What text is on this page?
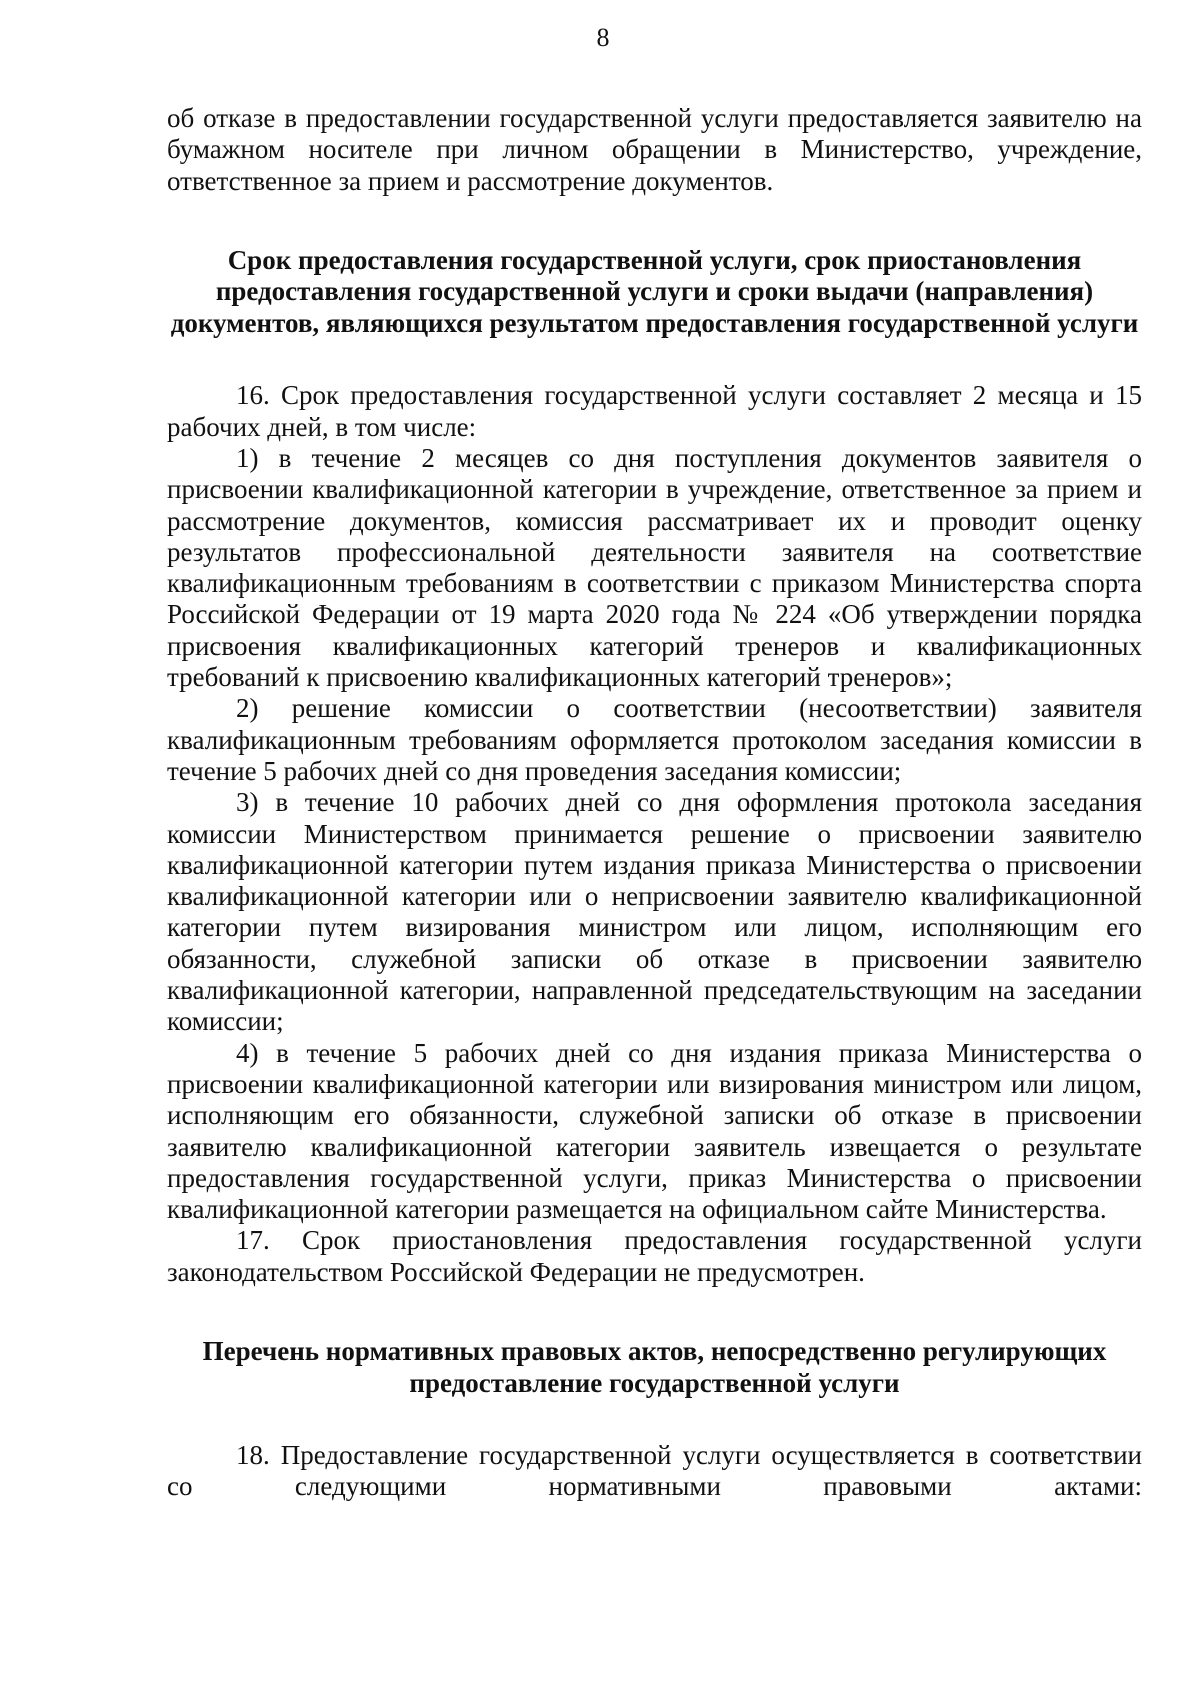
8

об отказе в предоставлении государственной услуги предоставляется заявителю на бумажном носителе при личном обращении в Министерство, учреждение, ответственное за прием и рассмотрение документов.

Срок предоставления государственной услуги, срок приостановления предоставления государственной услуги и сроки выдачи (направления) документов, являющихся результатом предоставления государственной услуги

16. Срок предоставления государственной услуги составляет 2 месяца и 15 рабочих дней, в том числе:

1) в течение 2 месяцев со дня поступления документов заявителя о присвоении квалификационной категории в учреждение, ответственное за прием и рассмотрение документов, комиссия рассматривает их и проводит оценку результатов профессиональной деятельности заявителя на соответствие квалификационным требованиям в соответствии с приказом Министерства спорта Российской Федерации от 19 марта 2020 года № 224 «Об утверждении порядка присвоения квалификационных категорий тренеров и квалификационных требований к присвоению квалификационных категорий тренеров»;

2) решение комиссии о соответствии (несоответствии) заявителя квалификационным требованиям оформляется протоколом заседания комиссии в течение 5 рабочих дней со дня проведения заседания комиссии;

3) в течение 10 рабочих дней со дня оформления протокола заседания комиссии Министерством принимается решение о присвоении заявителю квалификационной категории путем издания приказа Министерства о присвоении квалификационной категории или о неприсвоении заявителю квалификационной категории путем визирования министром или лицом, исполняющим его обязанности, служебной записки об отказе в присвоении заявителю квалификационной категории, направленной председательствующим на заседании комиссии;

4) в течение 5 рабочих дней со дня издания приказа Министерства о присвоении квалификационной категории или визирования министром или лицом, исполняющим его обязанности, служебной записки об отказе в присвоении заявителю квалификационной категории заявитель извещается о результате предоставления государственной услуги, приказ Министерства о присвоении квалификационной категории размещается на официальном сайте Министерства.

17. Срок приостановления предоставления государственной услуги законодательством Российской Федерации не предусмотрен.

Перечень нормативных правовых актов, непосредственно регулирующих предоставление государственной услуги

18. Предоставление государственной услуги осуществляется в соответствии со следующими нормативными правовыми актами:
